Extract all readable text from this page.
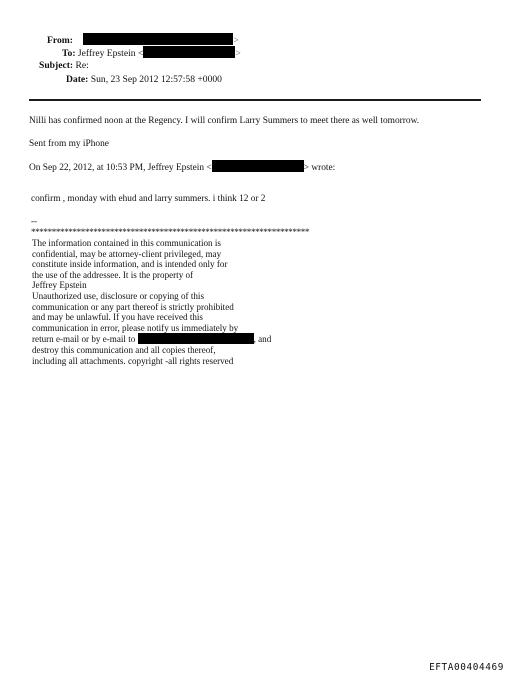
From:	>
To: Jeffrey Epstein <	>
Subject: Re:
Date: Sun, 23 Sep 2012 12:57:58 +0000
Nilli has confirmed noon at the Regency. I will confirm Larry Summers to meet there as well tomorrow.
Sent from my iPhone
On Sep 22, 2012, at 10:53 PM, Jeffrey Epstein <	> wrote:
confirm , monday with ehud and larry summers. i think 12 or 2
--
*******************************************************************
The information contained in this communication is
confidential, may be attorney-client privileged, may
constitute inside information, and is intended only for
the use of the addressee. It is the property of
Jeffrey Epstein
Unauthorized use, disclosure or copying of this
communication or any part thereof is strictly prohibited
and may be unlawful. If you have received this
communication in error, please notify us immediately by
return e-mail or by e-mail to	, and
destroy this communication and all copies thereof,
including all attachments. copyright -all rights reserved
EFTA00404469
